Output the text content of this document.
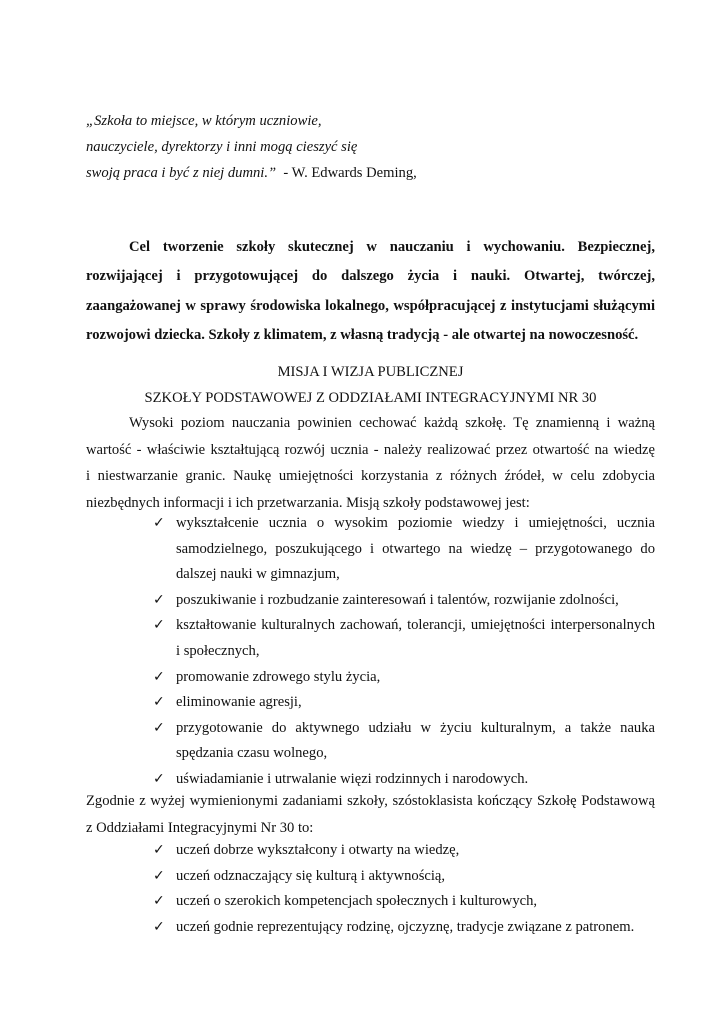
„Szkoła to miejsce, w którym uczniowie,
nauczyciele, dyrektorzy i inni mogą cieszyć się
swoją praca i być z niej dumni.”  - W. Edwards Deming,
Cel tworzenie szkoły skutecznej w nauczaniu i wychowaniu. Bezpiecznej,
rozwijającej i przygotowującej do dalszego życia i nauki. Otwartej, twórczej,
zaangażowanej w sprawy środowiska lokalnego, współpracującej z instytucjami służącymi
rozwojowi dziecka. Szkoły z klimatem, z własną tradycją - ale otwartej na nowoczesność.
MISJA I WIZJA PUBLICZNEJ
SZKOŁY PODSTAWOWEJ Z ODDZIAŁAMI INTEGRACYJNYMI NR 30
Wysoki poziom nauczania powinien cechować każdą szkołę. Tę znamienną i ważną
wartość - właściwie kształtującą rozwój ucznia - należy realizować przez otwartość na wiedzę
i niestwarzanie granic. Naukę umiejętności korzystania z różnych źródeł, w celu zdobycia
niezbędnych informacji i ich przetwarzania. Misją szkoły podstawowej jest:
✓ wykształcenie ucznia o wysokim poziomie wiedzy i umiejętności, ucznia
samodzielnego, poszukującego i otwartego na wiedzę – przygotowanego do
dalszej nauki w gimnazjum,
✓ poszukiwanie i rozbudzanie zainteresowań i talentów, rozwijanie zdolności,
✓ kształtowanie kulturalnych zachowań, tolerancji, umiejętności interpersonalnych
i społecznych,
✓ promowanie zdrowego stylu życia,
✓ eliminowanie agresji,
✓ przygotowanie do aktywnego udziału w życiu kulturalnym, a także nauka
spędzania czasu wolnego,
✓ uświadamianie i utrwalanie więzi rodzinnych i narodowych.
Zgodnie z wyżej wymienionymi zadaniami szkoły, szóstoklasista kończący Szkołę Podstawową
z Oddziałami Integracyjnymi Nr 30 to:
✓ uczeń dobrze wykształcony i otwarty na wiedzę,
✓ uczeń odznaczający się kulturą i aktywnością,
✓ uczeń o szerokich kompetencjach społecznych i kulturowych,
✓ uczeń godnie reprezentujący rodzinę, ojczyznę, tradycje związane z patronem.
